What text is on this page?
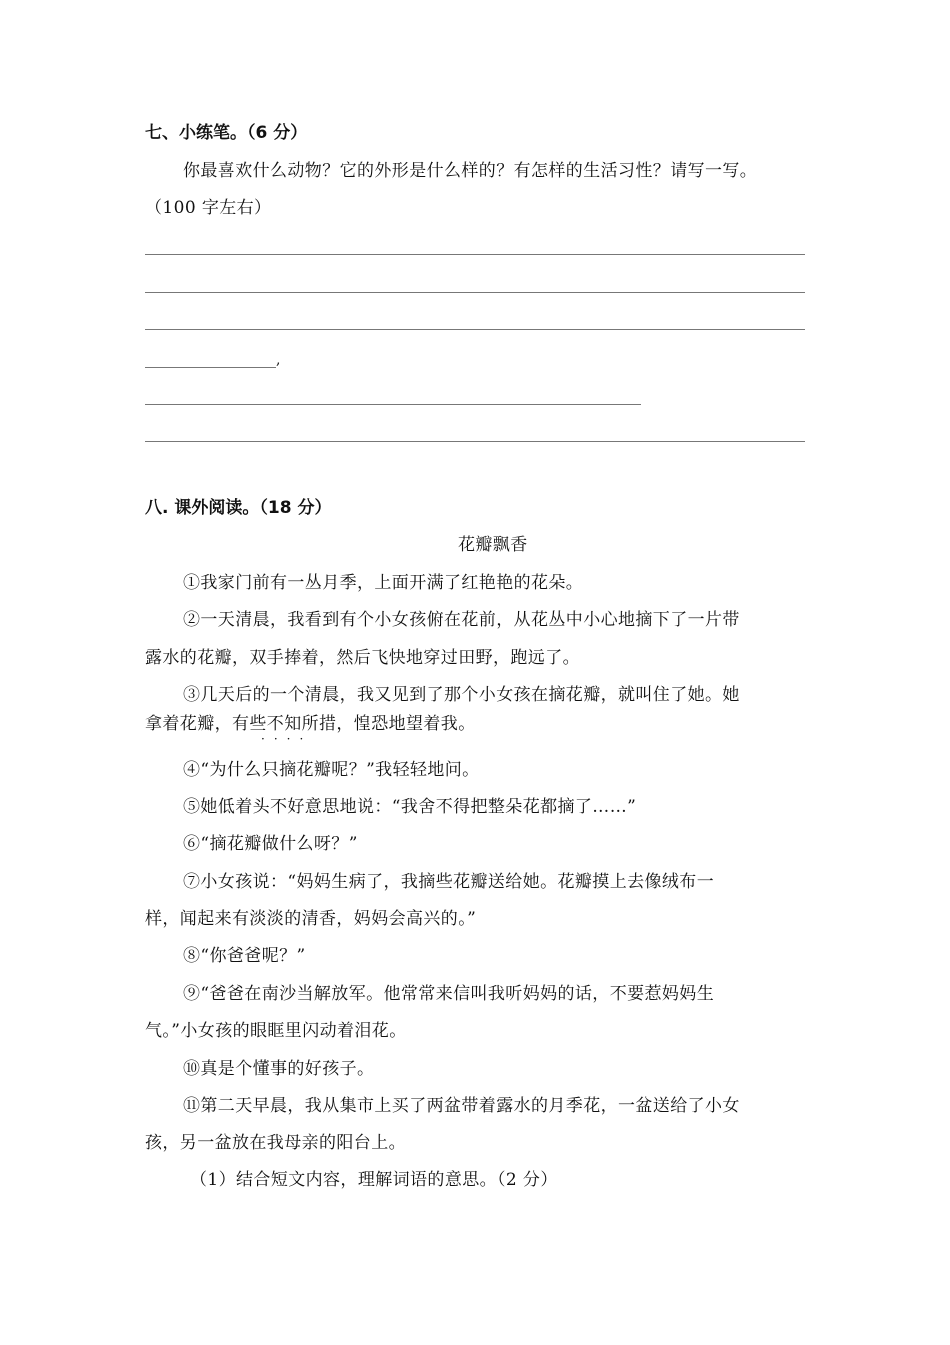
七、小练笔。（6 分）
你最喜欢什么动物？它的外形是什么样的？有怎样的生活习性？请写一写。
（100 字左右）
,
八. 课外阅读。（18 分）
花瓣飘香
①我家门前有一丛月季，上面开满了红艳艳的花朵。
②一天清晨，我看到有个小女孩俯在花前，从花丛中小心地摘下了一片带
露水的花瓣，双手捧着，然后飞快地穿过田野，跑远了。
③几天后的一个清晨，我又见到了那个小女孩在摘花瓣，就叫住了她。她
拿着花瓣，有些不知所措，惶恐地望着我。
····
④“为什么只摘花瓣呢？”我轻轻地问。
⑤她低着头不好意思地说：“我舍不得把整朵花都摘了……”
⑥“摘花瓣做什么呀？”
⑦小女孩说：“妈妈生病了，我摘些花瓣送给她。花瓣摸上去像绒布一
样，闻起来有淡淡的清香，妈妈会高兴的。”
⑧“你爸爸呢？”
⑨“爸爸在南沙当解放军。他常常来信叫我听妈妈的话，不要惹妈妈生
气。”小女孩的眼眶里闪动着泪花。
⑩真是个懂事的好孩子。
⑪第二天早晨，我从集市上买了两盆带着露水的月季花，一盆送给了小女
孩，另一盆放在我母亲的阳台上。
（1）结合短文内容，理解词语的意思。（2 分）
